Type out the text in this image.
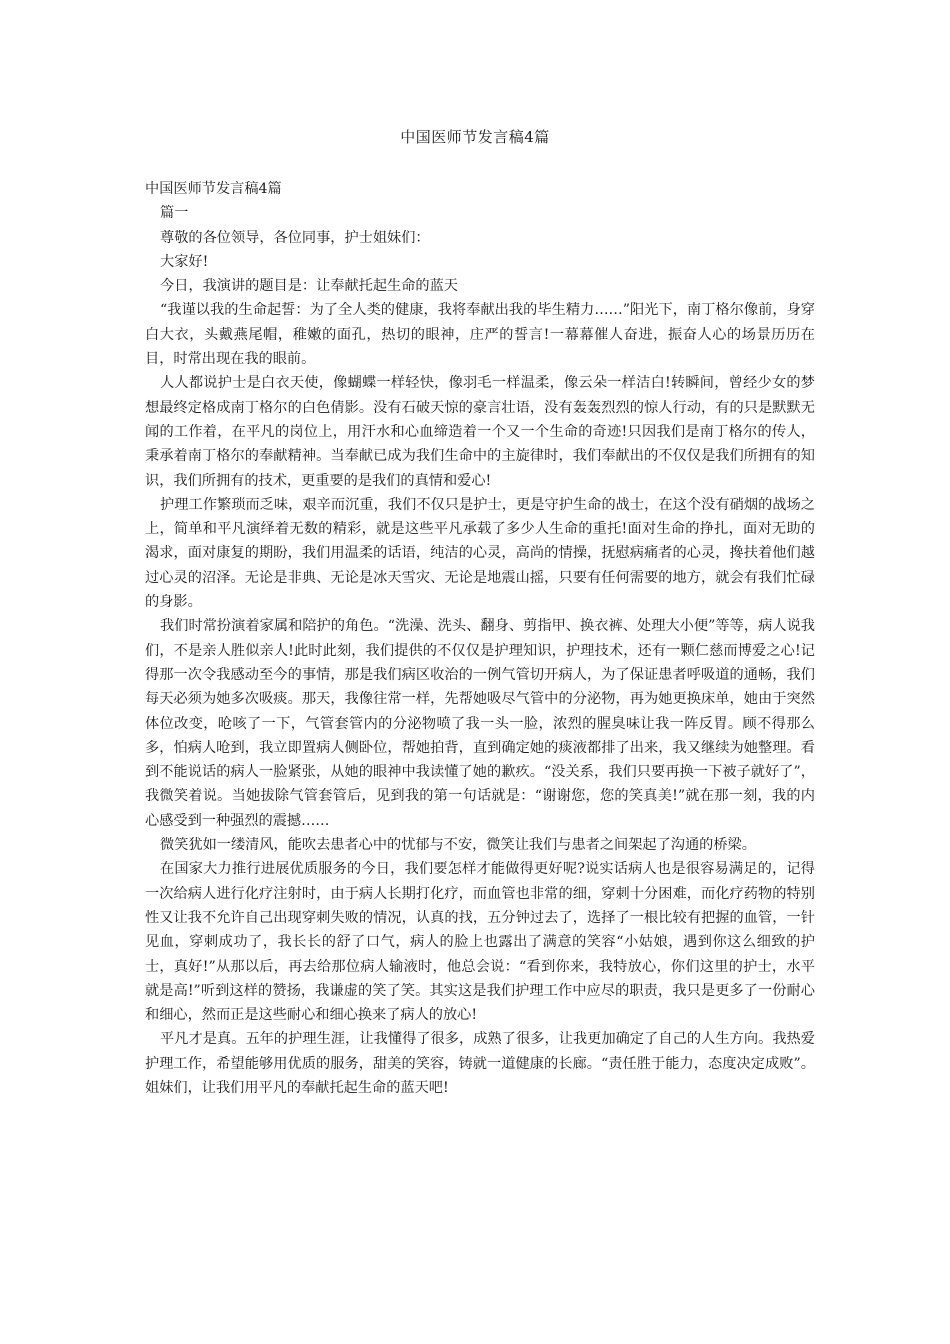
中国医师节发言稿4篇

中国医师节发言稿4篇

篇一

尊敬的各位领导，各位同事，护士姐妹们：

大家好!

今日，我演讲的题目是：让奉献托起生命的蓝天

“我谨以我的生命起誓：为了全人类的健康，我将奉献出我的毕生精力……”阳光下，南丁格尔像前，身穿白大衣，头戴燕尾帽，稚嫩的面孔，热切的眼神，庄严的誓言!一幕幕催人奋进，振奋人心的场景历历在目，时常出现在我的眼前。

人人都说护士是白衣天使，像蝴蝶一样轻快，像羽毛一样温柔，像云朵一样洁白!转瞬间，曾经少女的梦想最终定格成南丁格尔的白色倩影。没有石破天惊的豪言壮语，没有轰轰烈烈的惊人行动，有的只是默默无闻的工作着，在平凡的岗位上，用汗水和心血缔造着一个又一个生命的奇迹!只因我们是南丁格尔的传人，秉承着南丁格尔的奉献精神。当奉献已成为我们生命中的主旋律时，我们奉献出的不仅仅是我们所拥有的知识，我们所拥有的技术，更重要的是我们的真情和爱心!

护理工作繁琐而乏味，艰辛而沉重，我们不仅只是护士，更是守护生命的战士，在这个没有硝烟的战场之上，简单和平凡演绎着无数的精彩，就是这些平凡承载了多少人生命的重托!面对生命的挣扎，面对无助的渴求，面对康复的期盼，我们用温柔的话语，纯洁的心灵，高尚的情操，抚慰病痛者的心灵，搀扶着他们越过心灵的沼泽。无论是非典、无论是冰天雪灾、无论是地震山摇，只要有任何需要的地方，就会有我们忙碌的身影。

我们时常扮演着家属和陪护的角色。“洗澡、洗头、翻身、剪指甲、换衣裤、处理大小便”等等，病人说我们，不是亲人胜似亲人!此时此刻，我们提供的不仅仅是护理知识，护理技术，还有一颗仁慈而博爱之心!记得那一次令我感动至今的事情，那是我们病区收治的一例气管切开病人，为了保证患者呼吸道的通畅，我们每天必须为她多次吸痰。那天，我像往常一样，先帮她吸尽气管中的分泌物，再为她更换床单，她由于突然体位改变，呛咳了一下，气管套管内的分泌物喷了我一头一脸，浓烈的腥臭味让我一阵反胃。顾不得那么多，怕病人呛到，我立即置病人侧卧位，帮她拍背，直到确定她的痰液都排了出来，我又继续为她整理。看到不能说话的病人一脸紧张，从她的眼神中我读懂了她的歉疚。“没关系，我们只要再换一下被子就好了”，我微笑着说。当她拔除气管套管后，见到我的第一句话就是：“谢谢您，您的笑真美!”就在那一刻，我的内心感受到一种强烈的震撼……

微笑犹如一缕清风，能吹去患者心中的忧郁与不安，微笑让我们与患者之间架起了沟通的桥梁。

在国家大力推行进展优质服务的今日，我们要怎样才能做得更好呢?说实话病人也是很容易满足的，记得一次给病人进行化疗注射时，由于病人长期打化疗，而血管也非常的细，穿刺十分困难，而化疗药物的特别性又让我不允许自己出现穿刺失败的情况，认真的找，五分钟过去了，选择了一根比较有把握的血管，一针见血，穿刺成功了，我长长的舒了口气，病人的脸上也露出了满意的笑容“小姑娘，遇到你这么细致的护士，真好!”从那以后，再去给那位病人输液时，他总会说：“看到你来，我特放心，你们这里的护士，水平就是高!”听到这样的赞扬，我谦虚的笑了笑。其实这是我们护理工作中应尽的职责，我只是更多了一份耐心和细心，然而正是这些耐心和细心换来了病人的放心!

平凡才是真。五年的护理生涯，让我懂得了很多，成熟了很多，让我更加确定了自己的人生方向。我热爱护理工作，希望能够用优质的服务，甜美的笑容，铸就一道健康的长廊。“责任胜于能力，态度决定成败”。姐妹们，让我们用平凡的奉献托起生命的蓝天吧!
